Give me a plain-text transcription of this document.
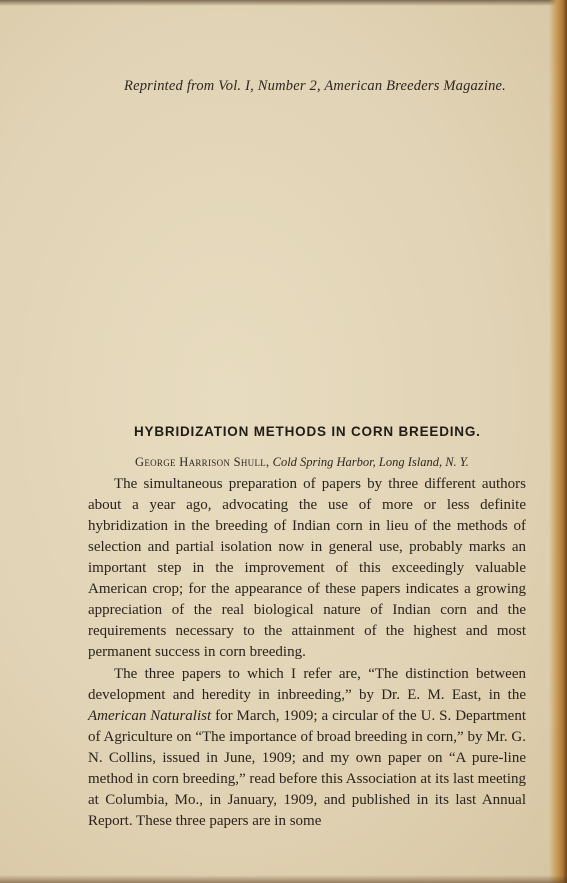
Reprinted from Vol. I, Number 2, American Breeders Magazine.
HYBRIDIZATION METHODS IN CORN BREEDING.
George Harrison Shull, Cold Spring Harbor, Long Island, N. Y.

The simultaneous preparation of papers by three different authors about a year ago, advocating the use of more or less definite hybridization in the breeding of Indian corn in lieu of the methods of selection and partial isolation now in general use, probably marks an important step in the improvement of this exceedingly valuable American crop; for the appearance of these papers indicates a growing appreciation of the real biological nature of Indian corn and the requirements necessary to the attainment of the highest and most permanent success in corn breeding.

The three papers to which I refer are, “The distinction between development and heredity in inbreeding,” by Dr. E. M. East, in the American Naturalist for March, 1909; a circular of the U. S. Department of Agriculture on “The importance of broad breeding in corn,” by Mr. G. N. Collins, issued in June, 1909; and my own paper on “A pure-line method in corn breeding,” read before this Association at its last meeting at Columbia, Mo., in January, 1909, and published in its last Annual Report. These three papers are in some
